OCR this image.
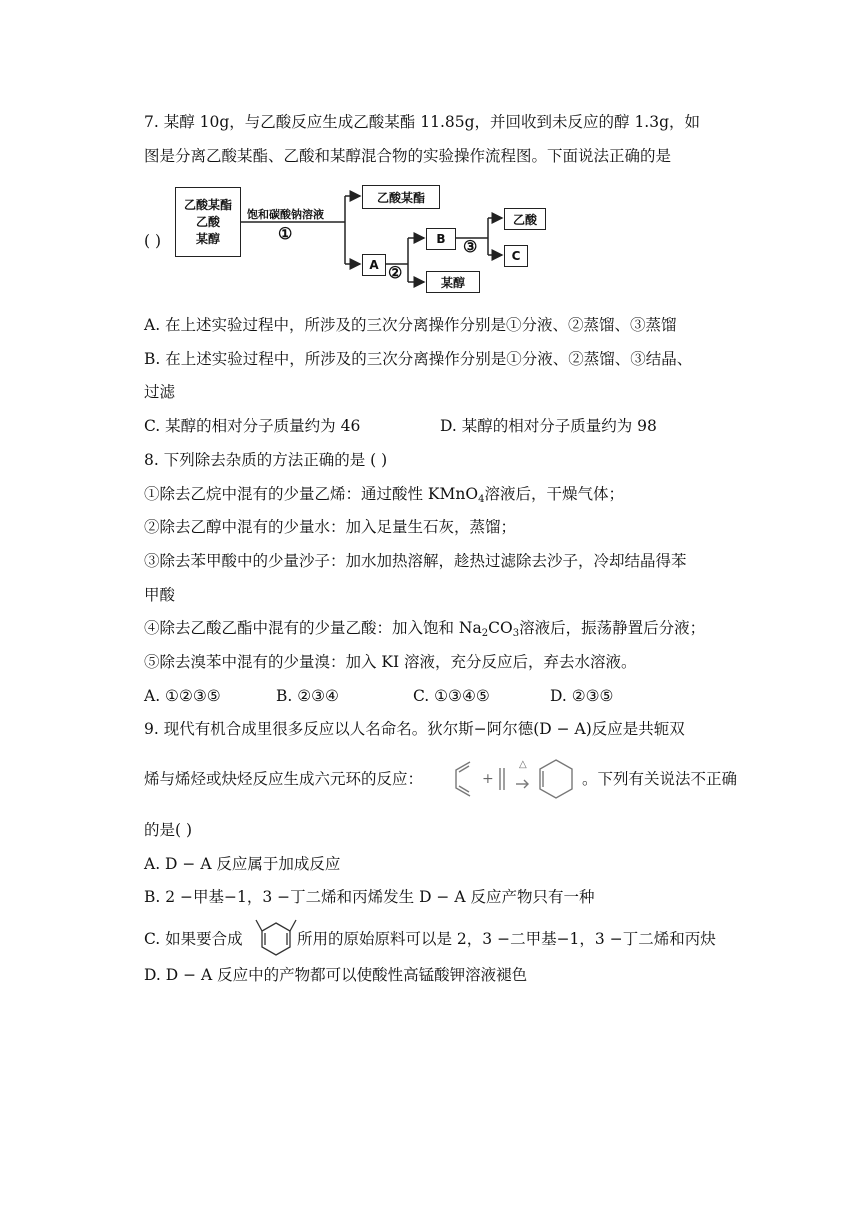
7. 某醇 10g，与乙酸反应生成乙酸某酯 11.85g，并回收到未反应的醇 1.3g，如
图是分离乙酸某酯、乙酸和某醇混合物的实验操作流程图。下面说法正确的是
( )
乙酸某酯
乙酸
某醇
饱和碳酸钠溶液
①
乙酸某酯
A ②
B	③
乙酸
C
某醇
A. 在上述实验过程中，所涉及的三次分离操作分别是①分液、②蒸馏、③蒸馏
B. 在上述实验过程中，所涉及的三次分离操作分别是①分液、②蒸馏、③结晶、
过滤
C. 某醇的相对分子质量约为 46	D. 某醇的相对分子质量约为 98
8. 下列除去杂质的方法正确的是 ( )
①除去乙烷中混有的少量乙烯：通过酸性 KMnO$_4$溶液后，干燥气体；
②除去乙醇中混有的少量水：加入足量生石灰，蒸馏；
③除去苯甲酸中的少量沙子：加水加热溶解，趁热过滤除去沙子，冷却结晶得苯
甲酸
④除去乙酸乙酯中混有的少量乙酸：加入饱和 $Na_2CO_3$溶液后，振荡静置后分液；
⑤除去溴苯中混有的少量溴：加入 KI 溶液，充分反应后，弃去水溶液。
A. ①②③⑤	B. ②③④	C. ①③④⑤	D. ②③⑤
9. 现代有机合成里很多反应以人名命名。狄尔斯−阿尔德(D − A)反应是共轭双
烯与烯烃或炔烃反应生成六元环的反应：	+
△
。下列有关说法不正确
的是( )
A. D − A 反应属于加成反应
B. 2 −甲基−1，3 −丁二烯和丙烯发生 D − A 反应产物只有一种
C. 如果要合成	所用的原始原料可以是 2，3 −二甲基−1，3 −丁二烯和丙炔
D. D − A 反应中的产物都可以使酸性高锰酸钾溶液褪色
